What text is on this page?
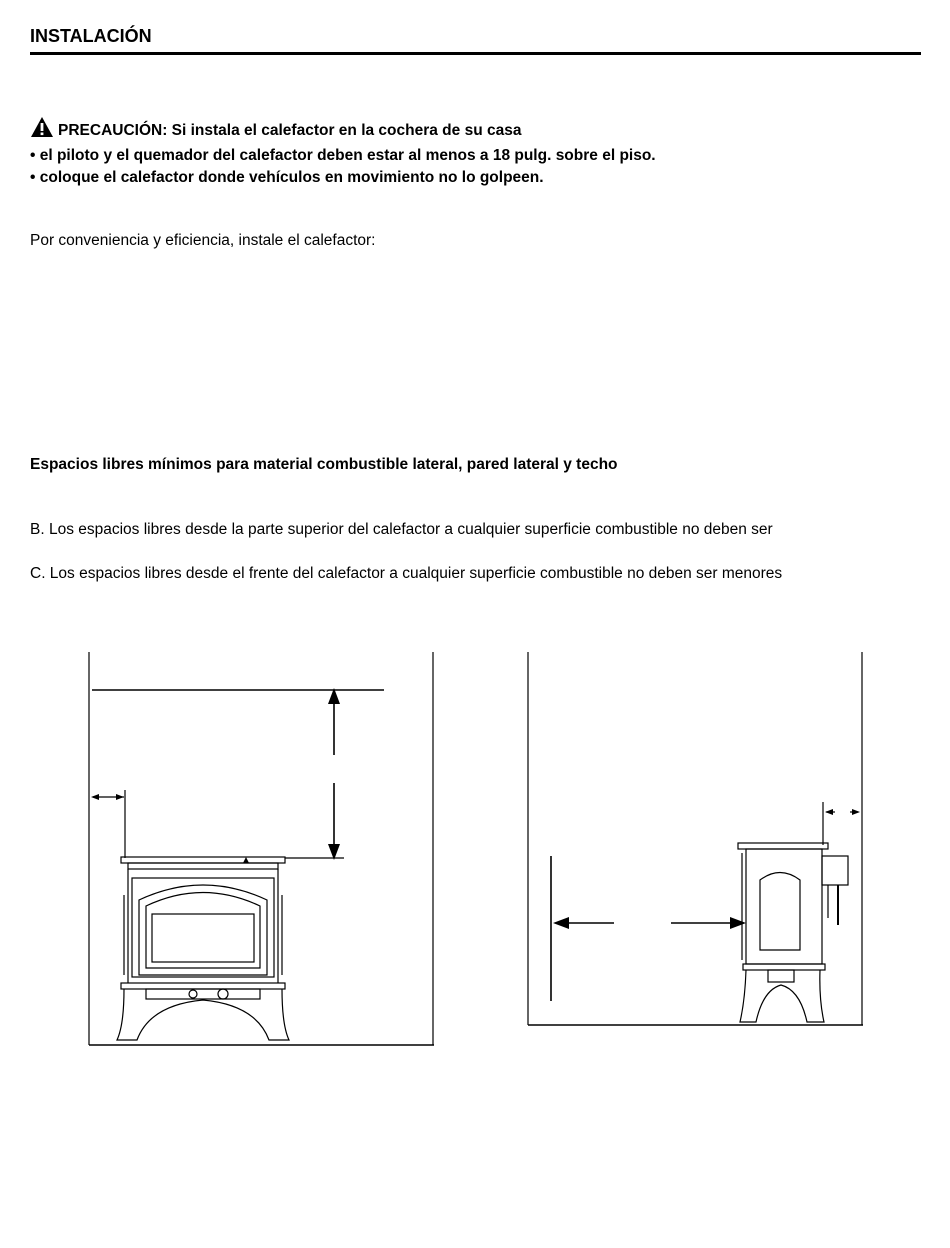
INSTALACIÓN
PRECAUCIÓN: Si instala el calefactor en la cochera de su casa
• el piloto y el quemador del calefactor deben estar al menos a 18 pulg. sobre el piso.
• coloque el calefactor donde vehículos en movimiento no lo golpeen.
Por conveniencia y eficiencia, instale el calefactor:
Espacios libres mínimos para material combustible lateral, pared lateral y techo
B. Los espacios libres desde la parte superior del calefactor a cualquier superficie combustible no deben ser
C. Los espacios libres desde el frente del calefactor a cualquier superficie combustible no deben ser menores
